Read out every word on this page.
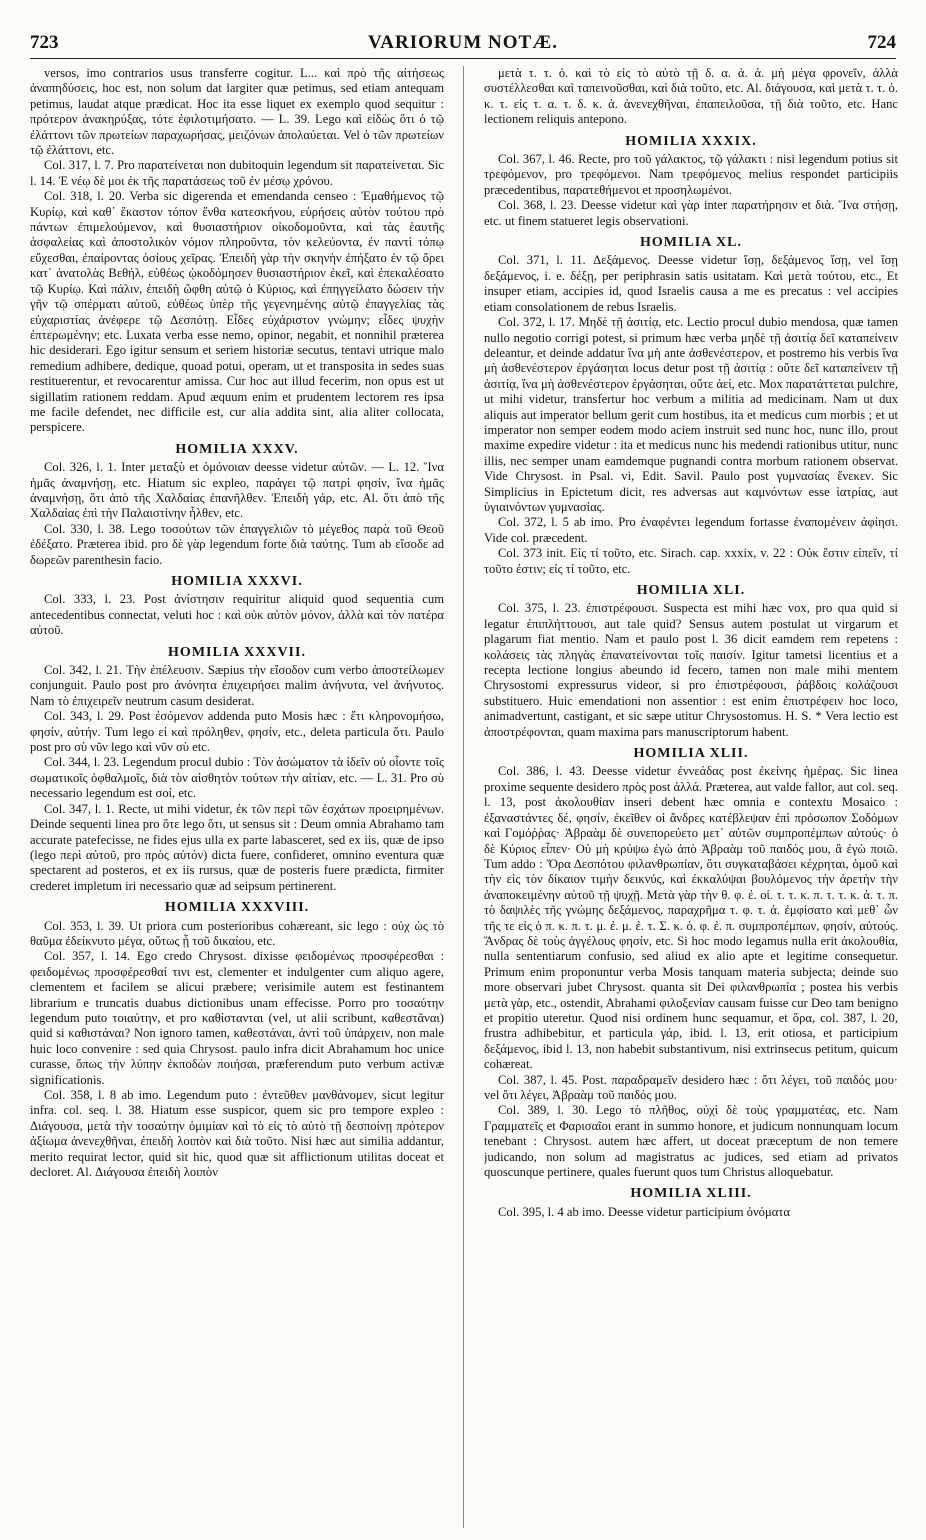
723	VARIORUM NOTÆ.	724

versos, imo contrarios usus transferre cogitur. L... καὶ πρὸ τῆς αἰτήσεως ἀναπηδύσεις, hoc est, non solum dat largiter quæ petimus, sed etiam antequam petimus, laudat atque prædicat. Hoc ita esse liquet ex exemplo quod sequitur : πρότερον ἀνακηρύξας, τότε ἐφιλοτιμήσατο. — L. 39. Lego καὶ εἰδὼς ὅτι ὁ τῷ ἐλάττονι τῶν πρωτείων παραχωρήσας, μειζόνων ἀπολαύεται. Vel ὁ τῶν πρωτείων τῷ ἐλάττονι, etc.

Col. 317, l. 7. Pro παρατείνεται non dubitoquin legendum sit παρατείνεται. Sic l. 14. Ἐ νέῳ δὲ μοι ἐκ τῆς παρατάσεως τοῦ ἐν μέσῳ χρόνου.

Col. 318, l. 20. Verba sic digerenda et emendanda censeo : Ἐμαθήμενος τῷ Κυρίῳ, καὶ καθ᾽ ἕκαστον τόπον ἔνθα κατεσκήνου, εὑρήσεις αὐτὸν τούτου πρὸ πάντων ἐπιμελούμενον, καὶ θυσιαστήριον οἰκοδομοῦντα, καὶ τὰς ἑαυτῆς ἀσφαλείας καὶ ἀποστολικὸν νόμον πληροῦντα, τὸν κελεύοντα, ἐν παντὶ τόπῳ εὔχεσθαι, ἐπαίροντας ὁσίους χεῖρας. Ἐπειδὴ γὰρ τὴν σκηνὴν ἐπήξατο ἐν τῷ ὄρει κατ᾽ ἀνατολὰς Βεθήλ, εὐθέως ᾠκοδόμησεν θυσιαστήριον ἐκεῖ, καὶ ἐπεκαλέσατο τῷ Κυρίῳ. Καὶ πάλιν, ἐπειδὴ ὤφθη αὐτῷ ὁ Κύριος, καὶ ἐπηγγείλατο δώσειν τὴν γῆν τῷ σπέρματι αὐτοῦ, εὐθέως ὑπὲρ τῆς γεγενημένης αὐτῷ ἐπαγγελίας τὰς εὐχαριστίας ἀνέφερε τῷ Δεσπότῃ. Εἶδες εὐχάριστον γνώμην; εἶδες ψυχὴν ἐπτερωμένην; etc. Luxata verba esse nemo, opinor, negabit, et nonnihil præterea hic desiderari. Ego igitur sensum et seriem historiæ secutus, tentavi utrique malo remedium adhibere, dedique, quoad potui, operam, ut et transposita in sedes suas restituerentur, et revocarentur amissa. Cur hoc aut illud fecerim, non opus est ut sigillatim rationem reddam. Apud æquum enim et prudentem lectorem res ipsa me facile defendet, nec difficile est, cur alia addita sint, alia aliter collocata, perspicere.

HOMILIA XXXV.

Col. 326, l. 1. Inter μεταξὺ et ὁμόνοιαν deesse videtur αὐτῶν. — L. 12. Ἵνα ἡμᾶς ἀναμνήσῃ, etc. Hiatum sic expleo, παράγει τῷ πατρὶ φησίν, ἵνα ἡμᾶς ἀναμνήσῃ, ὅτι ἀπὸ τῆς Χαλδαίας ἐπανῆλθεν. Ἐπειδὴ γάρ, etc. Al. ὅτι ἀπὸ τῆς Χαλδαίας ἐπὶ τὴν Παλαιστίνην ἦλθεν, etc.

Col. 330, l. 38. Lego τοσούτων τῶν ἐπαγγελιῶν τὸ μέγεθος παρὰ τοῦ Θεοῦ ἐδέξατο. Præterea ibid. pro δὲ γὰρ legendum forte διὰ ταύτης. Tum ab εἴσοδε ad δωρεῶν parenthesin facio.

HOMILIA XXXVI.

Col. 333, l. 23. Post ἀνίστησιν requiritur aliquid quod sequentia cum antecedentibus connectat, veluti hoc : καὶ οὐκ αὐτὸν μόνον, ἀλλὰ καὶ τὸν πατέρα αὐτοῦ.

HOMILIA XXXVII.

Col. 342, l. 21. Τὴν ἐπέλευσιν. Sæpius τὴν εἴσοδον cum verbo ἀποστείλωμεν conjunguit. Paulo post pro ἀνόνητα ἐπιχειρήσει malim ἀνήνυτα, vel ἀνήνυτος. Nam τὸ ἐπιχειρεῖν neutrum casum desiderat.

Col. 343, l. 29. Post ἐσόμενον addenda puto Mosis hæc : ἔτι κληρονομήσω, φησίν, αὐτήν. Tum lego εἰ καὶ πρόληθεν, φησίν, etc., deleta particula ὅτι. Paulo post pro σὺ νῦν lego καὶ νῦν σὺ etc.

Col. 344, l. 23. Legendum procul dubio : Τὸν ἀσώματον τὰ ἰδεῖν οὐ οἷοντε τοῖς σωματικοῖς ὀφθαλμοῖς, διὰ τὸν αἰσθητὸν τούτων τὴν αἰτίαν, etc. — L. 31. Pro σὺ necessario legendum est σοί, etc.

Col. 347, l. 1. Recte, ut mihi videtur, ἐκ τῶν περὶ τῶν ἐσχάτων προειρημένων. Deinde sequenti linea pro ὅτε lego ὅτι, ut sensus sit : Deum omnia Abrahamo tam accurate patefecisse, ne fides ejus ulla ex parte labasceret, sed ex iis, quæ de ipso (lego περὶ αὐτοῦ, pro πρὸς αὐτόν) dicta fuere, confideret, omnino eventura quæ spectarent ad posteros, et ex iis rursus, quæ de posteris fuere prædicta, firmiter crederet impletum iri necessario quæ ad seipsum pertinerent.

HOMILIA XXXVIII.

Col. 353, l. 39. Ut priora cum posterioribus cohæreant, sic lego : οὐχ ὡς τὸ θαῦμα ἐδείκνυτο μέγα, οὕτως ᾗ τοῦ δικαίου, etc.

Col. 357, l. 14. Ego credo Chrysost. dixisse φειδομένως προσφέρεσθαι : φειδομένως προσφέρεσθαί τινι est, clementer et indulgenter cum aliquo agere, clementem et facilem se alicui præbere; verisimile autem est festinantem librarium e truncatis duabus dictionibus unam effecisse. Porro pro τοσαύτην legendum puto τοιαύτην, et pro καθίστανται (vel, ut alii scribunt, καθεστᾶναι) quid si καθιστάναι? Non ignoro tamen, καθεστάναι, ἀντὶ τοῦ ὑπάρχειν, non male huic loco convenire : sed quia Chrysost. paulo infra dicit Abrahamum hoc unice curasse, ὅπως τὴν λύπην ἐκποδὼν ποιήσαι, præferendum puto verbum activæ significationis.

Col. 358, l. 8 ab imo. Legendum puto : ἐντεῦθεν μανθάνομεν, sicut legitur infra. col. seq. l. 38. Hiatum esse suspicor, quem sic pro tempore expleo : Διάγουσα, μετὰ τὴν τοσαύτην ὁμιμίαν καὶ τὸ εἰς τὸ αὐτὸ τῇ δεσποίνῃ πρότερον ἀξίωμα ἀνενεχθῆναι, ἐπειδὴ λοιπὸν καὶ διὰ τοῦτο. Nisi hæc aut similia addantur, merito requirat lector, quid sit hic, quod quæ sit afflictionum utilitas doceat et decloret. Al. Διάγουσα ἐπειδὴ λοιπὸν

μετὰ τ. τ. ὁ. καὶ τὸ εἰς τὸ αὐτὸ τῇ δ. α. ἀ. ἀ. μὴ μέγα φρονεῖν, ἀλλὰ συστέλλεσθαι καὶ ταπεινοῦσθαι, καὶ διὰ τοῦτο, etc. Al. διάγουσα, καὶ μετὰ τ. τ. ὁ. κ. τ. εἰς τ. α. τ. δ. κ. ἀ. ἀνενεχθῆναι, ἐπαπειλοῦσα, τῇ διὰ τοῦτο, etc. Hanc lectionem reliquis antepono.

HOMILIA XXXIX.

Col. 367, l. 46. Recte, pro τοῦ γάλακτος, τῷ γάλακτι : nisi legendum potius sit τρεφόμενον, pro τρεφόμενοι. Nam τρεφόμενος melius respondet participiis præcedentibus, παρατεθήμενοι et προσηλωμένοι.

Col. 368, l. 23. Deesse videtur καὶ γὰρ inter παρατήρησιν et διὰ. Ἵνα στήσῃ, etc. ut finem statueret legis observationi.

HOMILIA XL.

Col. 371, l. 11. Δεξάμενος. Deesse videtur ἵσῃ, δεξάμενος ἴσῃ, vel ἴσῃ δεξάμενος, i. e. δέξῃ, per periphrasin satis usitatam. Καὶ μετὰ τούτου, etc., Et insuper etiam, accipies id, quod Israelis causa a me es precatus : vel accipies etiam consolationem de rebus Israelis.

Col. 372, l. 17. Μηδὲ τῇ ἀσιτίᾳ, etc. Lectio procul dubio mendosa, quæ tamen nullo negotio corrigi potest, si primum hæc verba μηδὲ τῇ ἀσιτίᾳ δεῖ καταπείνειν deleantur, et deinde addatur ἵνα μὴ ante ἀσθενέστερον, et postremo his verbis ἵνα μὴ ἀσθενέστερον ἐργάσηται locus detur post τῇ ἀσιτίᾳ : οὔτε δεῖ καταπείνειν τῇ ἀσιτίᾳ, ἵνα μὴ ἀσθενέστερον ἐργάσηται, οὔτε ἀεί, etc. Mox παρατάττεται pulchre, ut mihi videtur, transfertur hoc verbum a militia ad medicinam. Nam ut dux aliquis aut imperator bellum gerit cum hostibus, ita et medicus cum morbis ; et ut imperator non semper eodem modo aciem instruit sed nunc hoc, nunc illo, prout maxime expedire videtur : ita et medicus nunc his medendi rationibus utitur, nunc illis, nec semper unam eamdemque pugnandi contra morbum rationem observat. Vide Chrysost. in Psal. vi, Edit. Savil. Paulo post γυμνασίας ἕνεκεν. Sic Simplicius in Epictetum dicit, res adversas aut καμνόντων esse ἰατρίας, aut ὑγιαινόντων γυμνασίας.

Col. 372, l. 5 ab imo. Pro ἐναφέντει legendum fortasse ἐναπομένειν ἀφίησι. Vide col. præcedent.

Col. 373 init. Εἰς τί τοῦτο, etc. Sirach. cap. xxxix, v. 22 : Οὐκ ἔστιν εἰπεῖν, τί τοῦτο ἐστιν; εἰς τί τοῦτο, etc.

HOMILIA XLI.

Col. 375, l. 23. ἐπιστρέφουσι. Suspecta est mihi hæc vox, pro qua quid si legatur ἐπιπλήττουσι, aut tale quid? Sensus autem postulat ut virgarum et plagarum fiat mentio. Nam et paulo post l. 36 dicit eamdem rem repetens : κολάσεις τὰς πληγὰς ἐπανατείνονται τοῖς παισίν. Igitur tametsi licentius et a recepta lectione longius abeundo id fecero, tamen non male mihi mentem Chrysostomi expressurus videor, si pro ἐπιστρέφουσι, ῥάβδοις κολάζουσι substituero. Huic emendationi non assentior : est enim ἐπιστρέφειν hoc loco, animadvertunt, castigant, et sic sæpe utitur Chrysostomus. H. S. * Vera lectio est ἀποστρέφονται, quam maxima pars manuscriptorum habent.

HOMILIA XLII.

Col. 386, l. 43. Deesse videtur ἐννεάδας post ἐκείνης ἡμέρας. Sic linea proxime sequente desidero πρὸς post ἀλλά. Præterea, aut valde fallor, aut col. seq. l. 13, post ἀκολουθίαν inseri debent hæc omnia e contextu Mosaico : ἐξαναστάντες δέ, φησίν, ἐκεῖθεν οἱ ἄνδρες κατέβλεψαν ἐπὶ πρόσωπον Σοδόμων καὶ Γομόῤῥας· Ἀβραὰμ δὲ συνεπορεύετο μετ᾽ αὐτῶν συμπροπέμπων αὐτούς· ὁ δὲ Κύριος εἶπεν· Οὐ μὴ κρύψω ἐγὼ ἀπὸ Ἀβραὰμ τοῦ παιδός μου, ἃ ἐγὼ ποιῶ. Tum addo : Ὅρα Δεσπότου φιλανθρωπίαν, ὅτι συγκαταβάσει κέχρηται, ὁμοῦ καὶ τὴν εἰς τὸν δίκαιον τιμὴν δεικνύς, καὶ ἐκκαλύψαι βουλόμενος τὴν ἀρετὴν τὴν ἀναποκειμένην αὐτοῦ τῇ ψυχῇ. Μετὰ γὰρ τὴν θ. φ. ἐ. οἱ. τ. τ. κ. π. τ. τ. κ. ἀ. τ. π. τὸ δαψιλὲς τῆς γνώμης δεξάμενος, παραχρῆμα τ. φ. τ. ἀ. ἐμφίσατο καὶ μεθ᾽ ὧν τῆς τε εἰς ὁ π. κ. π. τ. μ. ἐ. μ. ἐ. τ. Σ. κ. ὁ. φ. ἐ. π. συμπροπέμπων, φησίν, αὐτούς. Ἄνδρας δὲ τοὺς ἀγγέλους φησίν, etc. Si hoc modo legamus nulla erit ἀκολουθία, nulla sententiarum confusio, sed aliud ex alio apte et legitime consequetur. Primum enim proponuntur verba Mosis tanquam materia subjecta; deinde suo more observari jubet Chrysost. quanta sit Dei φιλανθρωπία ; postea his verbis μετὰ γὰρ, etc., ostendit, Abrahami φιλοξενίαν causam fuisse cur Deo tam benigno et propitio uteretur. Quod nisi ordinem hunc sequamur, et ὅρα, col. 387, l. 20, frustra adhibebitur, et particula γάρ, ibid. l. 13, erit otiosa, et participium δεξάμενος, ibid l. 13, non habebit substantivum, nisi extrinsecus petitum, quicum cohæreat.

Col. 387, l. 45. Post. παραδραμεῖν desidero hæc : ὅτι λέγει, τοῦ παιδός μου· vel ὅτι λέγει, Ἀβραὰμ τοῦ παιδός μου.

Col. 389, l. 30. Lego τὸ πλῆθος, οὐχὶ δὲ τοὺς γραμματέας, etc. Nam Γραμματεῖς et Φαρισαῖοι erant in summo honore, et judicum nonnunquam locum tenebant : Chrysost. autem hæc affert, ut doceat præceptum de non temere judicando, non solum ad magistratus ac judices, sed etiam ad privatos quoscunque pertinere, quales fuerunt quos tum Christus alloquebatur.

HOMILIA XLIII.

Col. 395, l. 4 ab imo. Deesse videtur participium ὀνόματα
